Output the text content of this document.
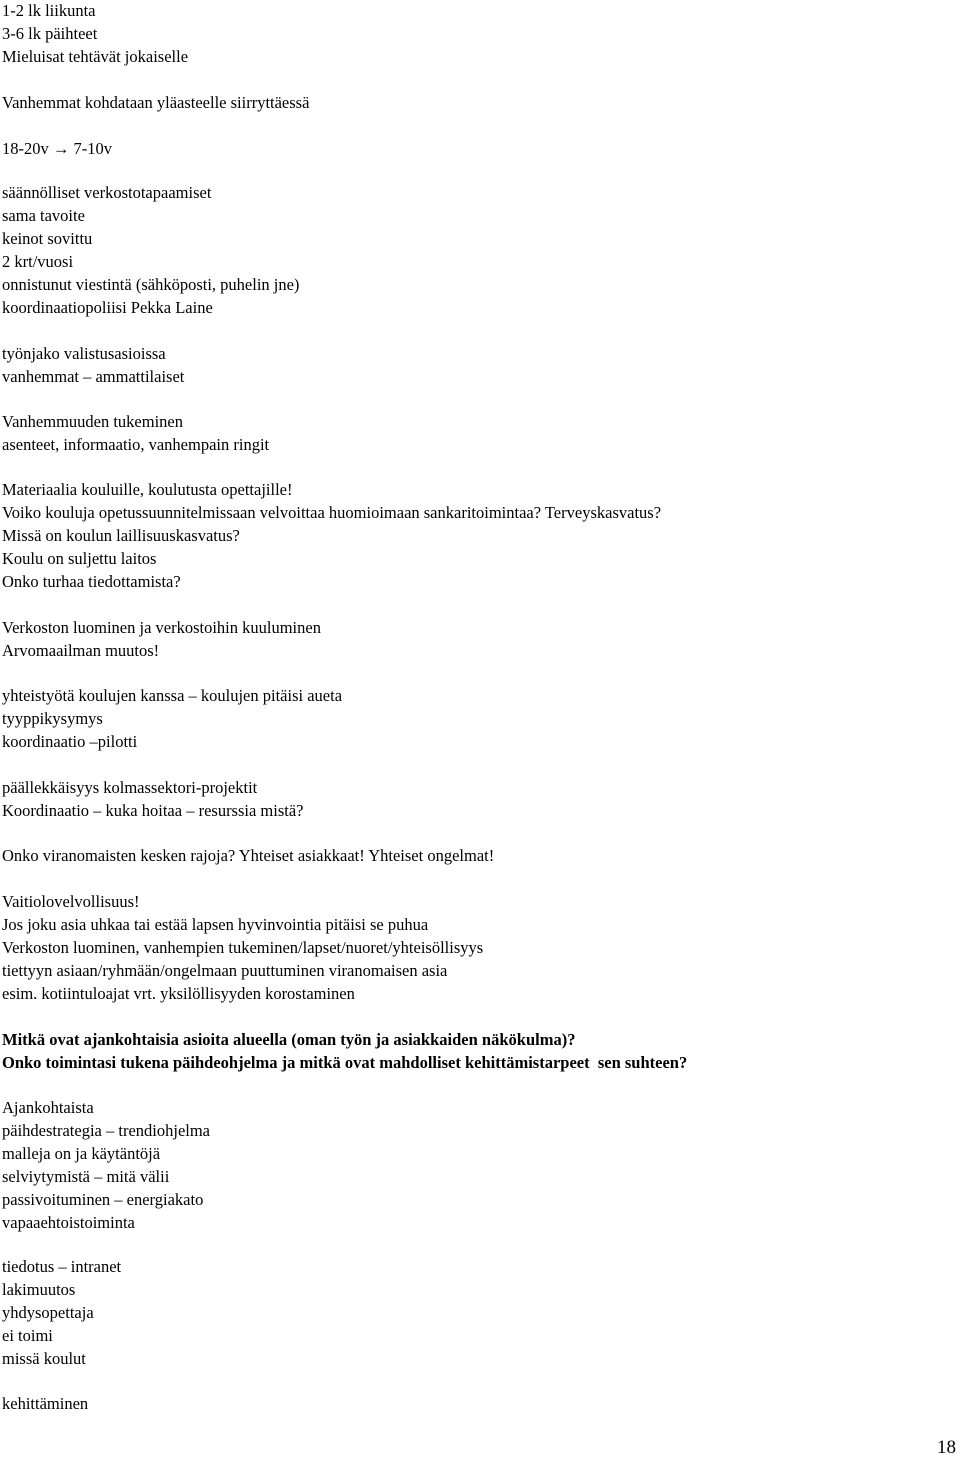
1-2 lk liikunta

3-6 lk päihteet

Mieluisat tehtävät jokaiselle

Vanhemmat kohdataan yläasteelle siirryttäessä

18-20v → 7-10v

säännölliset verkostotapaamiset

sama tavoite

keinot sovittu

2 krt/vuosi

onnistunut viestintä (sähköposti, puhelin jne)

koordinaatiopoliisi Pekka Laine

työnjako valistusasioissa

vanhemmat – ammattilaiset

Vanhemmuuden tukeminen

asenteet, informaatio, vanhempain ringit

Materiaalia kouluille, koulutusta opettajille!

Voiko kouluja opetussuunnitelmissaan velvoittaa huomioimaan sankaritoimintaa? Terveyskasvatus?

Missä on koulun laillisuuskasvatus?

Koulu on suljettu laitos

Onko turhaa tiedottamista?

Verkoston luominen ja verkostoihin kuuluminen

Arvomaailman muutos!

yhteistyötä koulujen kanssa – koulujen pitäisi aueta

tyyppikysymys

koordinaatio –pilotti

päällekkäisyys kolmassektori-projektit

Koordinaatio – kuka hoitaa – resurssia mistä?

Onko viranomaisten kesken rajoja? Yhteiset asiakkaat! Yhteiset ongelmat!

Vaitiolovelvollisuus!

Jos joku asia uhkaa tai estää lapsen hyvinvointia pitäisi se puhua

Verkoston luominen, vanhempien tukeminen/lapset/nuoret/yhteisöllisyys

tiettyyn asiaan/ryhmään/ongelmaan puuttuminen viranomaisen asia

esim. kotiintuloajat vrt. yksilöllisyyden korostaminen

Mitkä ovat ajankohtaisia asioita alueella (oman työn ja asiakkaiden näkökulma)?

Onko toimintasi tukena päihdeohjelma ja mitkä ovat mahdolliset kehittämistarpeet  sen suhteen?

Ajankohtaista

päihdestrategia – trendiohjelma

malleja on ja käytäntöjä

selviytymistä – mitä välii

passivoituminen – energiakato

vapaaehtoistoiminta

tiedotus – intranet

lakimuutos

yhdysopettaja

ei toimi

missä koulut

kehittäminen

18
